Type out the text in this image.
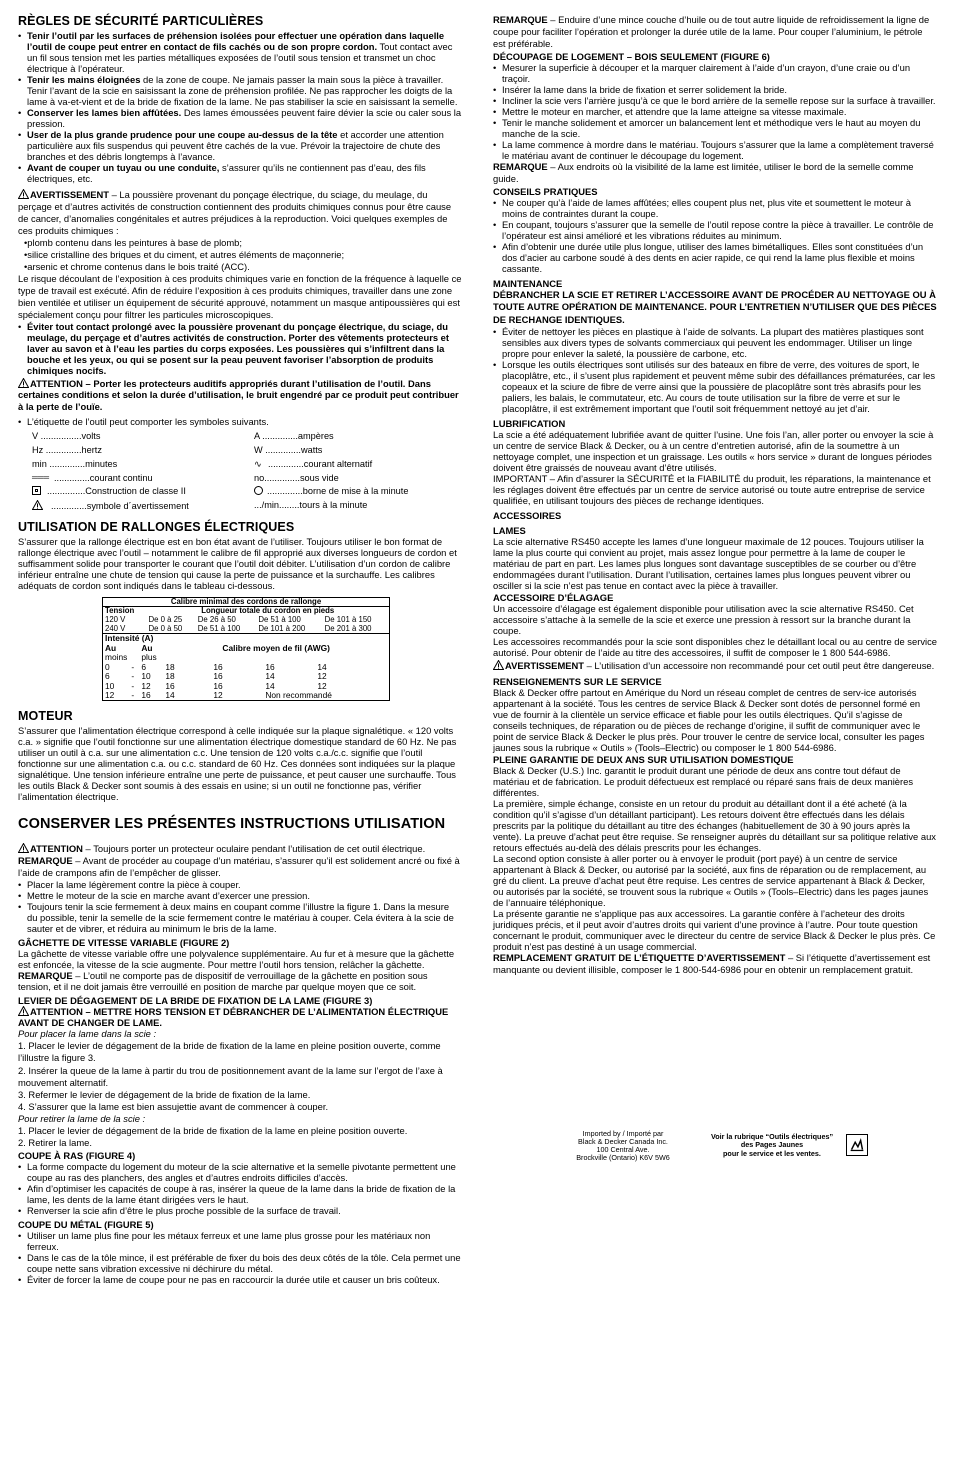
RÈGLES DE SÉCURITÉ PARTICULIÈRES
• Tenir l’outil par les surfaces de préhension isolées pour effectuer une opération dans laquelle l’outil de coupe peut entrer en contact de fils cachés ou de son propre cordon. Tout contact avec un fil sous tension met les parties métalliques exposées de l’outil sous tension et transmet un choc électrique à l’opérateur.
• Tenir les mains éloignées de la zone de coupe. Ne jamais passer la main sous la pièce à travailler. Tenir l’avant de la scie en saisissant la zone de préhension profilée. Ne pas rapprocher les doigts de la lame à va-et-vient et de la bride de fixation de la lame. Ne pas stabiliser la scie en saisissant la semelle.
• Conserver les lames bien affûtées. Des lames émoussées peuvent faire dévier la scie ou caler sous la pression.
• User de la plus grande prudence pour une coupe au-dessus de la tête et accorder une attention particulière aux fils suspendus qui peuvent être cachés de la vue. Prévoir la trajectoire de chute des branches et des débris longtemps à l’avance.
• Avant de couper un tuyau ou une conduite, s’assurer qu’ils ne contiennent pas d’eau, des fils électriques, etc.

AVERTISSEMENT – La poussière provenant du ponçage électrique, du sciage, du meulage, du perçage et d’autres activités de construction contiennent des produits chimiques connus pour être cause de cancer, d’anomalies congénitales et autres préjudices à la reproduction. Voici quelques exemples de ces produits chimiques :

•plomb contenu dans les peintures à base de plomb;

•silice cristalline des briques et du ciment, et autres éléments de maçonnerie;

•arsenic et chrome contenus dans le bois traité (ACC).

Le risque découlant de l’exposition à ces produits chimiques varie en fonction de la fréquence à laquelle ce type de travail est exécuté. Afin de réduire l’exposition à ces produits chimiques, travailler dans une zone bien ventilée et utiliser un équipement de sécurité approuvé, notamment un masque antipoussières qui est spécialement conçu pour filtrer les particules microscopiques.

• Éviter tout contact prolongé avec la poussière provenant du ponçage électrique, du sciage, du meulage, du perçage et d’autres activités de construction. Porter des vêtements protecteurs et laver au savon et à l’eau les parties du corps exposées. Les poussières qui s’infiltrent dans la bouche et les yeux, ou qui se posent sur la peau peuvent favoriser l’absorption de produits chimiques nocifs.

ATTENTION – Porter les protecteurs auditifs appropriés durant l’utilisation de l’outil. Dans certaines conditions et selon la durée d’utilisation, le bruit engendré par ce produit peut contribuer à la perte de l’ouïe.

• L’étiquette de l’outil peut comporter les symboles suivants.
V ................volts	A ..............ampères
Hz ..............hertz	W ..............watts
min ..............minutes	∿ ..............courant alternatif
═══ ..............courant continu	no..............sous vide
...............Construction de classe II	..............borne de mise à la minute
..............symbole d´avertissement	.../min........tours à la minute
UTILISATION DE RALLONGES ÉLECTRIQUES

S’assurer que la rallonge électrique est en bon état avant de l’utiliser. Toujours utiliser le bon format de rallonge électrique avec l’outil – notamment le calibre de fil approprié aux diverses longueurs de cordon et suffisamment solide pour transporter le courant que l’outil doit débiter. L’utilisation d’un cordon de calibre inférieur entraîne une chute de tension qui cause la perte de puissance et la surchauffe. Les calibres adéquats de cordon sont indiqués dans le tableau ci-dessous.

Calibre minimal des cordons de rallonge
Tension	Longueur totale du cordon en pieds			
120 V	De 0 à 25	De 26 à 50	De 51 à 100	De 101 à 150
240 V	De 0 à 50	De 51 à 100	De 101 à 200	De 201 à 300
Intensité (A)						
Au		Au	Calibre moyen de fil (AWG)			
moins		plus				
0	-	6	18	16	16	14
6	-	10	18	16	14	12
10	-	12	16	16	14	12
12	-	16	14	12	Non recommandé	
MOTEUR

S’assurer que l’alimentation électrique correspond à celle indiquée sur la plaque signalétique. « 120 volts c.a. » signifie que l’outil fonctionne sur une alimentation électrique domestique standard de 60 Hz. Ne pas utiliser un outil à c.a. sur une alimentation c.c. Une tension de 120 volts c.a./c.c. signifie que l’outil fonctionne sur une alimentation c.a. ou c.c. standard de 60 Hz. Ces données sont indiquées sur la plaque signalétique. Une tension inférieure entraîne une perte de puissance, et peut causer une surchauffe. Tous les outils Black & Decker sont soumis à des essais en usine; si un outil ne fonctionne pas, vérifier l’alimentation électrique.

CONSERVER LES PRÉSENTES INSTRUCTIONS UTILISATION

ATTENTION – Toujours porter un protecteur oculaire pendant l’utilisation de cet outil électrique.

REMARQUE – Avant de procéder au coupage d’un matériau, s’assurer qu’il est solidement ancré ou fixé à l’aide de crampons afin de l’empêcher de glisser.

• Placer la lame légèrement contre la pièce à couper.
• Mettre le moteur de la scie en marche avant d’exercer une pression.
• Toujours tenir la scie fermement à deux mains en coupant comme l’illustre la figure 1. Dans la mesure du possible, tenir la semelle de la scie fermement contre le matériau à couper. Cela évitera à la scie de sauter et de vibrer, et réduira au minimum le bris de la lame.
GÂCHETTE DE VITESSE VARIABLE (FIGURE 2)

La gâchette de vitesse variable offre une polyvalence supplémentaire. Au fur et à mesure que la gâchette est enfoncée, la vitesse de la scie augmente. Pour mettre l’outil hors tension, relâcher la gâchette. REMARQUE – L’outil ne comporte pas de dispositif de verrouillage de la gâchette en position sous tension, et il ne doit jamais être verrouillé en position de marche par quelque moyen que ce soit.

LEVIER DE DÉGAGEMENT DE LA BRIDE DE FIXATION DE LA LAME (FIGURE 3)

ATTENTION – METTRE HORS TENSION ET DÉBRANCHER DE L’ALIMENTATION ÉLECTRIQUE AVANT DE CHANGER DE LAME.

Pour placer la lame dans la scie :

1. Placer le levier de dégagement de la bride de fixation de la lame en pleine position ouverte, comme l’illustre la figure 3.

2. Insérer la queue de la lame à partir du trou de positionnement avant de la lame sur l’ergot de l’axe à mouvement alternatif.

3. Refermer le levier de dégagement de la bride de fixation de la lame.

4. S’assurer que la lame est bien assujettie avant de commencer à couper.

Pour retirer la lame de la scie :

1. Placer le levier de dégagement de la bride de fixation de la lame en pleine position ouverte.

2. Retirer la lame.

COUPE À RAS (FIGURE 4)
• La forme compacte du logement du moteur de la scie alternative et la semelle pivotante permettent une coupe au ras des planchers, des angles et d’autres endroits difficiles d’accès.
• Afin d’optimiser les capacités de coupe à ras, insérer la queue de la lame dans la bride de fixation de la lame, les dents de la lame étant dirigées vers le haut.
• Renverser la scie afin d’être le plus proche possible de la surface de travail.
COUPE DU MÉTAL (FIGURE 5)
• Utiliser un lame plus fine pour les métaux ferreux et une lame plus grosse pour les matériaux non ferreux.
• Dans le cas de la tôle mince, il est préférable de fixer du bois des deux côtés de la tôle. Cela permet une coupe nette sans vibration excessive ni déchirure du métal.
• Éviter de forcer la lame de coupe pour ne pas en raccourcir la durée utile et causer un bris coûteux.

REMARQUE – Enduire d’une mince couche d’huile ou de tout autre liquide de refroidissement la ligne de coupe pour faciliter l’opération et prolonger la durée utile de la lame. Pour couper l’aluminium, le pétrole est préférable.

DÉCOUPAGE DE LOGEMENT – BOIS SEULEMENT (FIGURE 6)
• Mesurer la superficie à découper et la marquer clairement à l’aide d’un crayon, d’une craie ou d’un traçoir.
• Insérer la lame dans la bride de fixation et serrer solidement la bride.
• Incliner la scie vers l’arrière jusqu’à ce que le bord arrière de la semelle repose sur la surface à travailler.
• Mettre le moteur en marcher, et attendre que la lame atteigne sa vitesse maximale.
• Tenir le manche solidement et amorcer un balancement lent et méthodique vers le haut au moyen du manche de la scie.
• La lame commence à mordre dans le matériau. Toujours s’assurer que la lame a complètement traversé le matériau avant de continuer le découpage du logement.

REMARQUE – Aux endroits où la visibilité de la lame est limitée, utiliser le bord de la semelle comme guide.

CONSEILS PRATIQUES
• Ne couper qu’à l’aide de lames affûtées; elles coupent plus net, plus vite et soumettent le moteur à moins de contraintes durant la coupe.
• En coupant, toujours s’assurer que la semelle de l’outil repose contre la pièce à travailler. Le contrôle de l’opérateur est ainsi amélioré et les vibrations réduites au minimum.
• Afin d’obtenir une durée utile plus longue, utiliser des lames bimétalliques. Elles sont constituées d’un dos d’acier au carbone soudé à des dents en acier rapide, ce qui rend la lame plus flexible et moins cassante.
MAINTENANCE

DÉBRANCHER LA SCIE ET RETIRER L’ACCESSOIRE AVANT DE PROCÉDER AU NETTOYAGE OU À TOUTE AUTRE OPÉRATION DE MAINTENANCE. POUR L’ENTRETIEN N’UTILISER QUE DES PIÈCES DE RECHANGE IDENTIQUES.

• Éviter de nettoyer les pièces en plastique à l’aide de solvants. La plupart des matières plastiques sont sensibles aux divers types de solvants commerciaux qui peuvent les endommager. Utiliser un linge propre pour enlever la saleté, la poussière de carbone, etc.
• Lorsque les outils électriques sont utilisés sur des bateaux en fibre de verre, des voitures de sport, le placoplâtre, etc., il s’usent plus rapidement et peuvent même subir des défaillances prématurées, car les copeaux et la sciure de fibre de verre ainsi que la poussière de placoplâtre sont très abrasifs pour les paliers, les balais, le commutateur, etc. Au cours de toute utilisation sur la fibre de verre et sur le placoplâtre, il est extrêmement important que l’outil soit fréquemment nettoyé au jet d’air.
LUBRIFICATION

La scie a été adéquatement lubrifiée avant de quitter l’usine. Une fois l’an, aller porter ou envoyer la scie à un centre de service Black & Decker, ou à un centre d’entretien autorisé, afin de la soumettre à un nettoyage complet, une inspection et un graissage. Les outils « hors service » durant de longues périodes doivent être graissés de nouveau avant d’être utilisés.

IMPORTANT – Afin d’assurer la SÉCURITÉ et la FIABILITÉ du produit, les réparations, la maintenance et les réglages doivent être effectués par un centre de service autorisé ou toute autre entreprise de service qualifiée, en utilisant toujours des pièces de rechange identiques.

ACCESSOIRES
LAMES

La scie alternative RS450 accepte les lames d’une longueur maximale de 12 pouces. Toujours utiliser la lame la plus courte qui convient au projet, mais assez longue pour permettre à la lame de couper le matériau de part en part. Les lames plus longues sont davantage susceptibles de se courber ou d’être endommagées durant l’utilisation. Durant l’utilisation, certaines lames plus longues peuvent vibrer ou osciller si la scie n’est pas tenue en contact avec la pièce à travailler.

ACCESSOIRE D’ÉLAGAGE

Un accessoire d’élagage est également disponible pour utilisation avec la scie alternative RS450. Cet accessoire s’attache à la semelle de la scie et exerce une pression à ressort sur la branche durant la coupe.

Les accessoires recommandés pour la scie sont disponibles chez le détaillant local ou au centre de service autorisé. Pour obtenir de l’aide au titre des accessoires, il suffit de composer le 1 800 544-6986.

AVERTISSEMENT – L’utilisation d’un accessoire non recommandé pour cet outil peut être dangereuse.

RENSEIGNEMENTS SUR LE SERVICE

Black & Decker offre partout en Amérique du Nord un réseau complet de centres de serv-ice autorisés appartenant à la société. Tous les centres de service Black & Decker sont dotés de personnel formé en vue de fournir à la clientèle un service efficace et fiable pour les outils électriques. Qu’il s’agisse de conseils techniques, de réparation ou de pièces de rechange d’origine, il suffit de communiquer avec le point de service Black & Decker le plus près. Pour trouver le centre de service local, consulter les pages jaunes sous la rubrique « Outils » (Tools–Electric) ou composer le 1 800 544-6986.

PLEINE GARANTIE DE DEUX ANS SUR UTILISATION DOMESTIQUE

Black & Decker (U.S.) Inc. garantit le produit durant une période de deux ans contre tout défaut de matériau et de fabrication. Le produit défectueux est remplacé ou réparé sans frais de deux manières différentes.

La première, simple échange, consiste en un retour du produit au détaillant dont il a été acheté (à la condition qu’il s’agisse d’un détaillant participant). Les retours doivent être effectués dans les délais prescrits par la politique du détaillant au titre des échanges (habituellement de 30 à 90 jours après la vente). La preuve d’achat peut être requise. Se renseigner auprès du détaillant sur sa politique relative aux retours effectués au-delà des délais prescrits pour les échanges.

La second option consiste à aller porter ou à envoyer le produit (port payé) à un centre de service appartenant à Black & Decker, ou autorisé par la société, aux fins de réparation ou de remplacement, au gré du client. La preuve d’achat peut être requise. Les centres de service appartenant à Black & Decker, ou autorisés par la société, se trouvent sous la rubrique « Outils » (Tools–Electric) dans les pages jaunes de l’annuaire téléphonique.

La présente garantie ne s’applique pas aux accessoires. La garantie confère à l’acheteur des droits juridiques précis, et il peut avoir d’autres droits qui varient d’une province à l’autre. Pour toute question concernant le produit, communiquer avec le directeur du centre de service Black & Decker le plus près. Ce produit n’est pas destiné à un usage commercial.

REMPLACEMENT GRATUIT DE L’ÉTIQUETTE D’AVERTISSEMENT – Si l’étiquette d’avertissement est manquante ou devient illisible, composer le 1 800-544-6986 pour en obtenir un remplacement gratuit.

Imported by / Importé par
Black & Decker Canada Inc.
100 Central Ave.
Brockville (Ontario) K6V 5W6
Voir la rubrique “Outils électriques”
des Pages Jaunes
pour le service et les ventes.
